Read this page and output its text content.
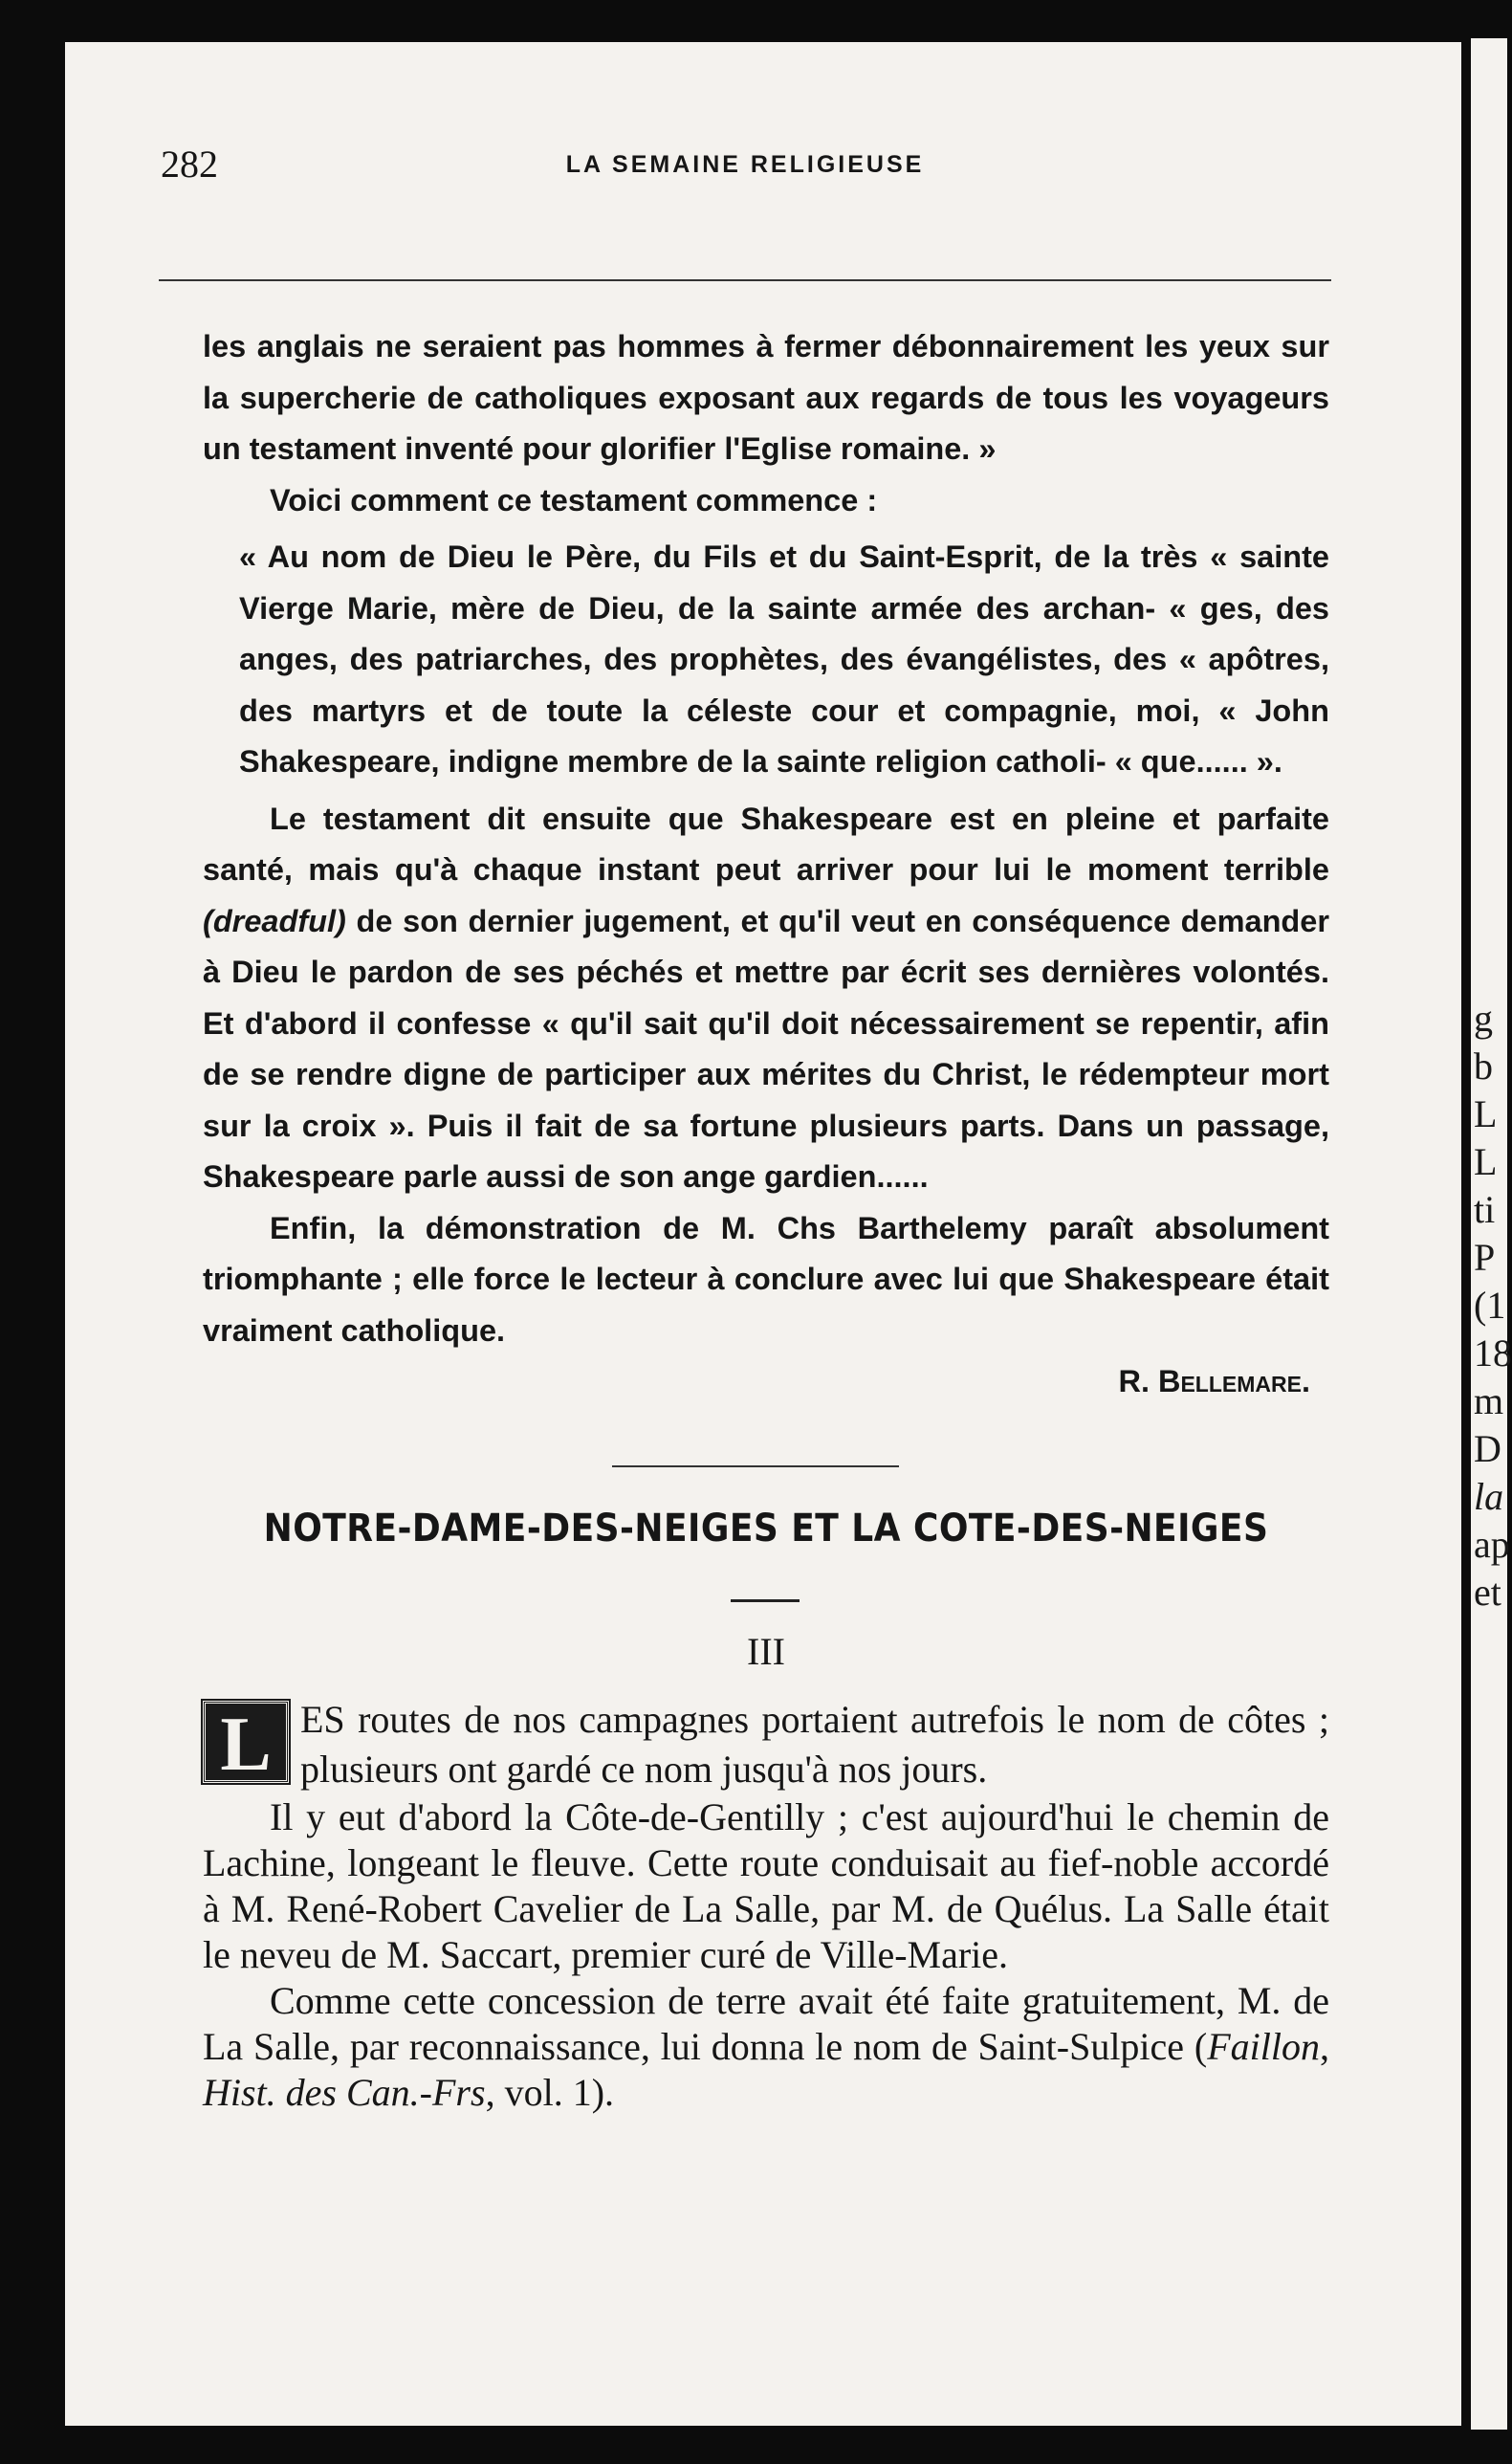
g
b
L
L
ti
P
(1
18
m
D
la
ap
et
282	LA SEMAINE RELIGIEUSE

les anglais ne seraient pas hommes à fermer débonnairement les yeux sur la supercherie de catholiques exposant aux regards de tous les voyageurs un testament inventé pour glorifier l'Eglise romaine. »

Voici comment ce testament commence :

« Au nom de Dieu le Père, du Fils et du Saint-Esprit, de la très « sainte Vierge Marie, mère de Dieu, de la sainte armée des archan- « ges, des anges, des patriarches, des prophètes, des évangélistes, des « apôtres, des martyrs et de toute la céleste cour et compagnie, moi, « John Shakespeare, indigne membre de la sainte religion catholi- « que...... ».

Le testament dit ensuite que Shakespeare est en pleine et parfaite santé, mais qu'à chaque instant peut arriver pour lui le moment terrible (dreadful) de son dernier jugement, et qu'il veut en conséquence demander à Dieu le pardon de ses péchés et mettre par écrit ses dernières volontés. Et d'abord il confesse « qu'il sait qu'il doit nécessairement se repentir, afin de se rendre digne de participer aux mérites du Christ, le rédempteur mort sur la croix ». Puis il fait de sa fortune plusieurs parts. Dans un passage, Shakespeare parle aussi de son ange gardien......

Enfin, la démonstration de M. Chs Barthelemy paraît absolument triomphante ; elle force le lecteur à conclure avec lui que Shakespeare était vraiment catholique.

R. Bellemare.

NOTRE-DAME-DES-NEIGES ET LA COTE-DES-NEIGES
III

L ES routes de nos campagnes portaient autrefois le nom de côtes ; plusieurs ont gardé ce nom jusqu'à nos jours.

Il y eut d'abord la Côte-de-Gentilly ; c'est aujourd'hui le chemin de Lachine, longeant le fleuve. Cette route conduisait au fief-noble accordé à M. René-Robert Cavelier de La Salle, par M. de Quélus. La Salle était le neveu de M. Saccart, premier curé de Ville-Marie.

Comme cette concession de terre avait été faite gratuitement, M. de La Salle, par reconnaissance, lui donna le nom de Saint-Sulpice (Faillon, Hist. des Can.-Frs, vol. 1).
